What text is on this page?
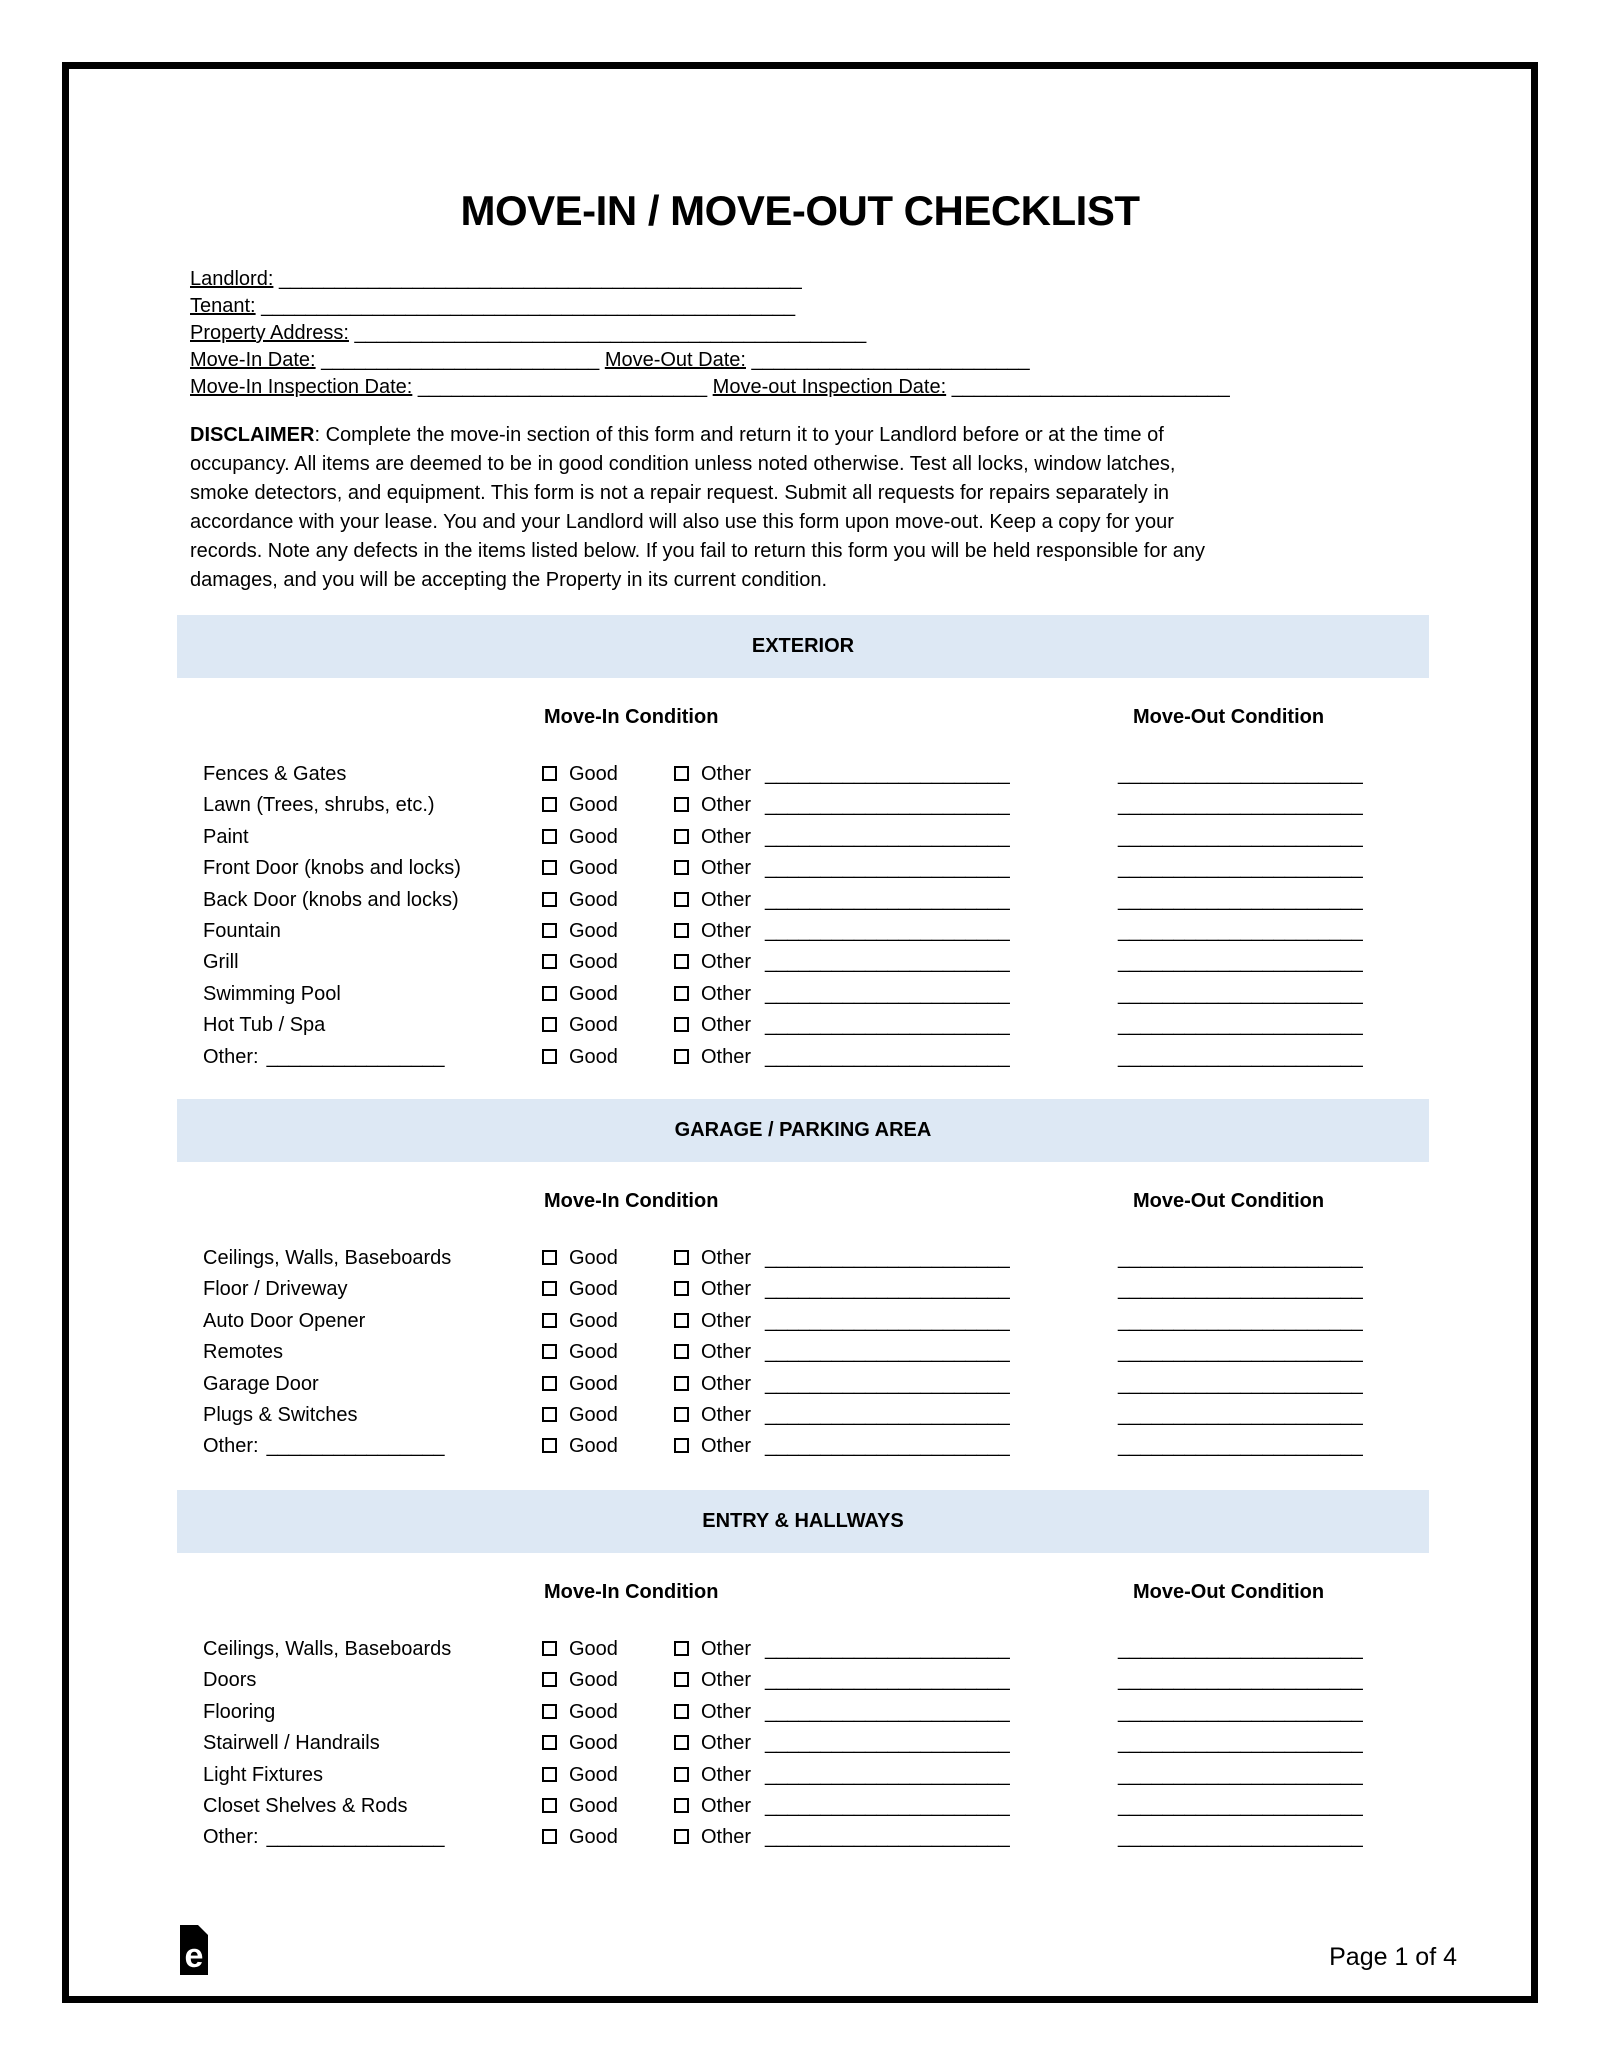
MOVE-IN / MOVE-OUT CHECKLIST
Landlord: _______________________________________________
Tenant: ________________________________________________
Property Address: ______________________________________________
Move-In Date: _________________________ Move-Out Date: _________________________
Move-In Inspection Date: __________________________ Move-out Inspection Date: _________________________
DISCLAIMER: Complete the move-in section of this form and return it to your Landlord before or at the time of
occupancy. All items are deemed to be in good condition unless noted otherwise. Test all locks, window latches,
smoke detectors, and equipment. This form is not a repair request. Submit all requests for repairs separately in
accordance with your lease. You and your Landlord will also use this form upon move-out. Keep a copy for your
records. Note any defects in the items listed below. If you fail to return this form you will be held responsible for any
damages, and you will be accepting the Property in its current condition.
EXTERIOR
Move-In Condition	Move-Out Condition
Fences & Gates	Good	Other ______________________	______________________
Lawn (Trees, shrubs, etc.)	Good	Other ______________________	______________________
Paint	Good	Other ______________________	______________________
Front Door (knobs and locks)	Good	Other ______________________	______________________
Back Door (knobs and locks)	Good	Other ______________________	______________________
Fountain	Good	Other ______________________	______________________
Grill	Good	Other ______________________	______________________
Swimming Pool	Good	Other ______________________	______________________
Hot Tub / Spa	Good	Other ______________________	______________________
Other: ________________	Good	Other ______________________	______________________
GARAGE / PARKING AREA
Move-In Condition	Move-Out Condition
Ceilings, Walls, Baseboards	Good	Other ______________________	______________________
Floor / Driveway	Good	Other ______________________	______________________
Auto Door Opener	Good	Other ______________________	______________________
Remotes	Good	Other ______________________	______________________
Garage Door	Good	Other ______________________	______________________
Plugs & Switches	Good	Other ______________________	______________________
Other: ________________	Good	Other ______________________	______________________
ENTRY & HALLWAYS
Move-In Condition	Move-Out Condition
Ceilings, Walls, Baseboards	Good	Other ______________________	______________________
Doors	Good	Other ______________________	______________________
Flooring	Good	Other ______________________	______________________
Stairwell / Handrails	Good	Other ______________________	______________________
Light Fixtures	Good	Other ______________________	______________________
Closet Shelves & Rods	Good	Other ______________________	______________________
Other: ________________	Good	Other ______________________	______________________
e	Page 1 of 4
